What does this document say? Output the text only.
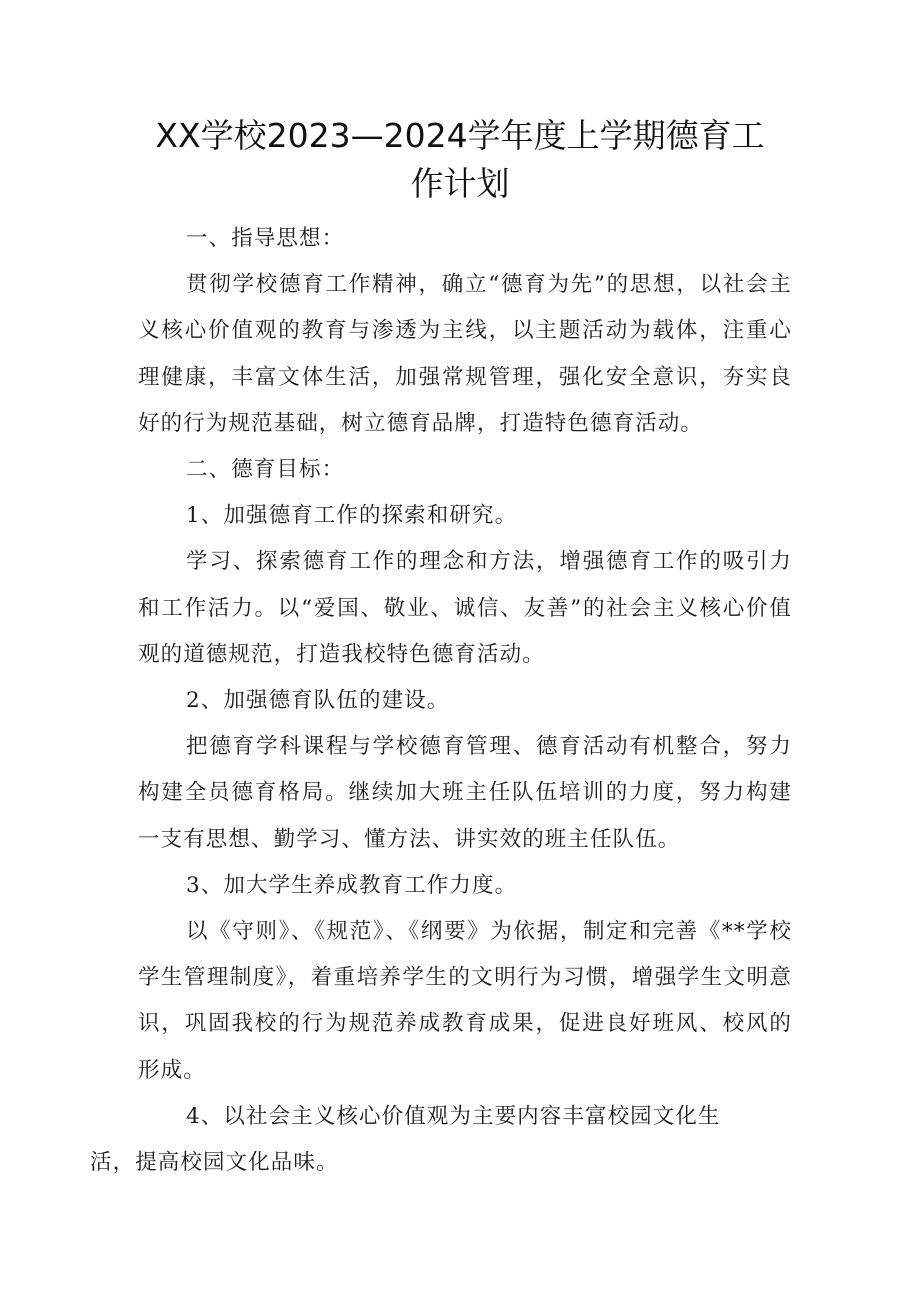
XX学校2023—2024学年度上学期德育工
作计划

一、指导思想：

贯彻学校德育工作精神，确立“德育为先”的思想，以社会主义核心价值观的教育与渗透为主线，以主题活动为载体，注重心理健康，丰富文体生活，加强常规管理，强化安全意识，夯实良好的行为规范基础，树立德育品牌，打造特色德育活动。

二、德育目标：

1、加强德育工作的探索和研究。

学习、探索德育工作的理念和方法，增强德育工作的吸引力和工作活力。以“爱国、敬业、诚信、友善”的社会主义核心价值观的道德规范，打造我校特色德育活动。

2、加强德育队伍的建设。

把德育学科课程与学校德育管理、德育活动有机整合，努力构建全员德育格局。继续加大班主任队伍培训的力度，努力构建一支有思想、勤学习、懂方法、讲实效的班主任队伍。

3、加大学生养成教育工作力度。

以《守则》、《规范》、《纲要》为依据，制定和完善《**学校学生管理制度》，着重培养学生的文明行为习惯，增强学生文明意识，巩固我校的行为规范养成教育成果，促进良好班风、校风的形成。

4、以社会主义核心价值观为主要内容丰富校园文化生
活，提高校园文化品味。
